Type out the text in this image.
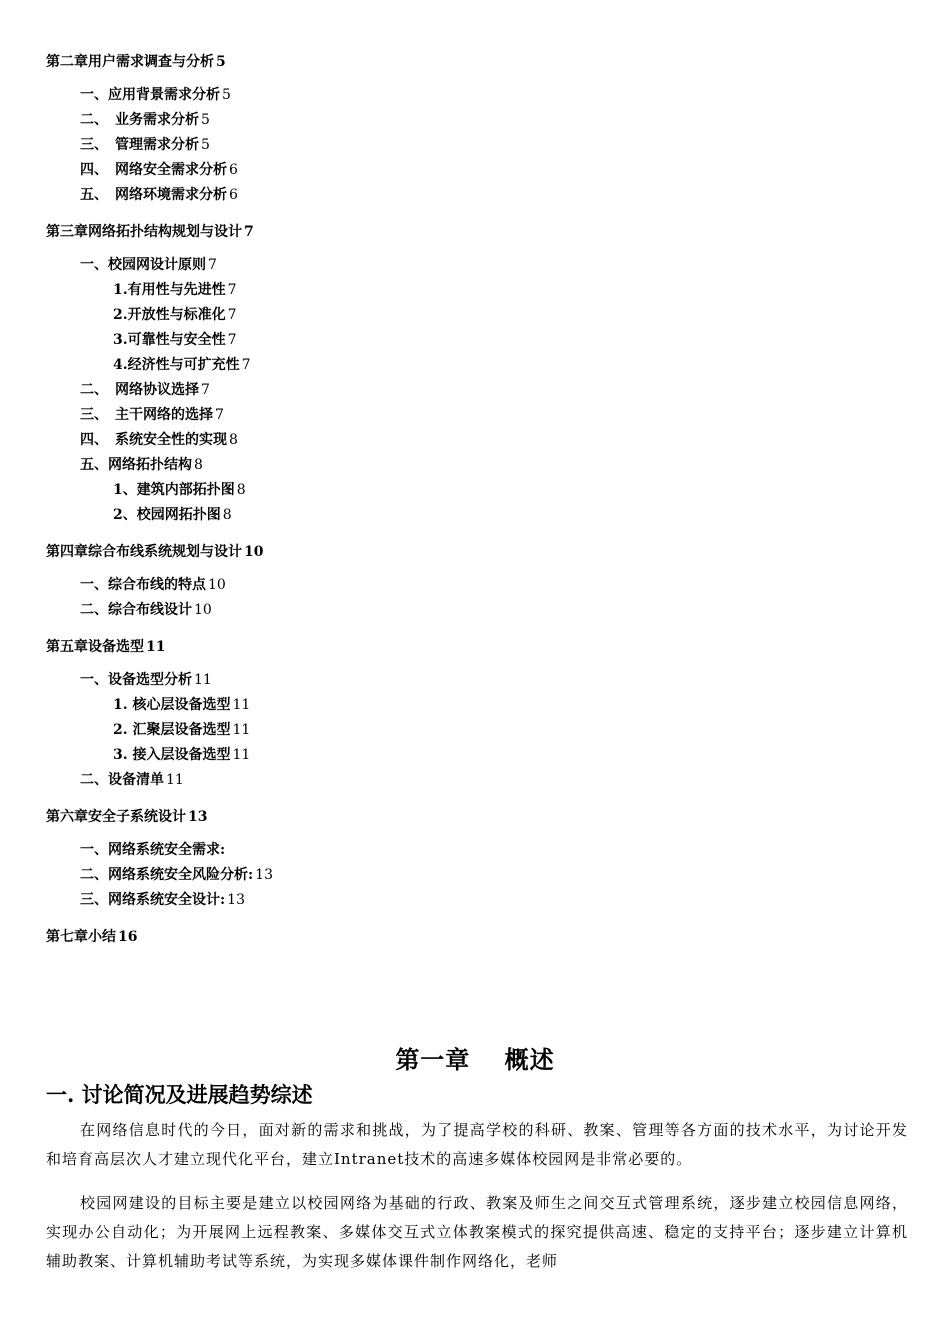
第二章用户需求调查与分析 5
一、应用背景需求分析 5
二、　业务需求分析 5
三、　管理需求分析 5
四、　网络安全需求分析 6
五、　网络环境需求分析 6
第三章网络拓扑结构规划与设计 7
一、校园网设计原则 7
1.有用性与先进性 7
2.开放性与标准化 7
3.可靠性与安全性 7
4.经济性与可扩充性 7
二、　网络协议选择 7
三、　主干网络的选择 7
四、　系统安全性的实现 8
五、网络拓扑结构 8
1、建筑内部拓扑图 8
2、校园网拓扑图 8
第四章综合布线系统规划与设计 10
一、综合布线的特点 10
二、综合布线设计 10
第五章设备选型 11
一、设备选型分析 11
1. 核心层设备选型 11
2. 汇聚层设备选型 11
3. 接入层设备选型 11
二、设备清单 11
第六章安全子系统设计 13
一、网络系统安全需求:
二、网络系统安全风险分析: 13
三、网络系统安全设计: 13
第七章小结 16
第一章　 概述
一. 讨论简况及进展趋势综述
在网络信息时代的今日，面对新的需求和挑战，为了提高学校的科研、教案、管理等各方面的技术水平，为讨论开发和培育高层次人才建立现代化平台，建立Intranet技术的高速多媒体校园网是非常必要的。
校园网建设的目标主要是建立以校园网络为基础的行政、教案及师生之间交互式管理系统，逐步建立校园信息网络，实现办公自动化；为开展网上远程教案、多媒体交互式立体教案模式的探究提供高速、稳定的支持平台；逐步建立计算机辅助教案、计算机辅助考试等系统，为实现多媒体课件制作网络化，老师
